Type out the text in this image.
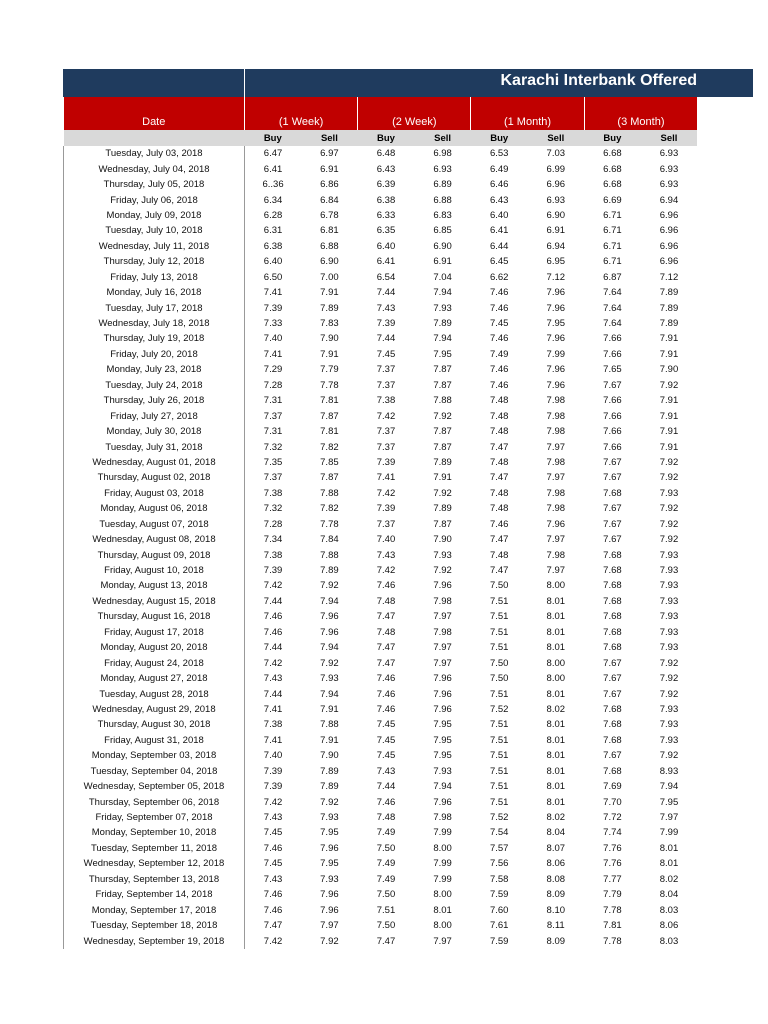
Karachi Interbank Offered
Date	(1 Week)		(2 Week)		(1 Month)		(3 Month)	
	Buy	Sell	Buy	Sell	Buy	Sell	Buy	Sell
Tuesday, July 03, 2018	6.47	6.97	6.48	6.98	6.53	7.03	6.68	6.93
Wednesday, July 04, 2018	6.41	6.91	6.43	6.93	6.49	6.99	6.68	6.93
Thursday, July 05, 2018	6..36	6.86	6.39	6.89	6.46	6.96	6.68	6.93
Friday, July 06, 2018	6.34	6.84	6.38	6.88	6.43	6.93	6.69	6.94
Monday, July 09, 2018	6.28	6.78	6.33	6.83	6.40	6.90	6.71	6.96
Tuesday, July 10, 2018	6.31	6.81	6.35	6.85	6.41	6.91	6.71	6.96
Wednesday, July 11, 2018	6.38	6.88	6.40	6.90	6.44	6.94	6.71	6.96
Thursday, July 12, 2018	6.40	6.90	6.41	6.91	6.45	6.95	6.71	6.96
Friday, July 13, 2018	6.50	7.00	6.54	7.04	6.62	7.12	6.87	7.12
Monday, July 16, 2018	7.41	7.91	7.44	7.94	7.46	7.96	7.64	7.89
Tuesday, July 17, 2018	7.39	7.89	7.43	7.93	7.46	7.96	7.64	7.89
Wednesday, July 18, 2018	7.33	7.83	7.39	7.89	7.45	7.95	7.64	7.89
Thursday, July 19, 2018	7.40	7.90	7.44	7.94	7.46	7.96	7.66	7.91
Friday, July 20, 2018	7.41	7.91	7.45	7.95	7.49	7.99	7.66	7.91
Monday, July 23, 2018	7.29	7.79	7.37	7.87	7.46	7.96	7.65	7.90
Tuesday, July 24, 2018	7.28	7.78	7.37	7.87	7.46	7.96	7.67	7.92
Thursday, July 26, 2018	7.31	7.81	7.38	7.88	7.48	7.98	7.66	7.91
Friday, July 27, 2018	7.37	7.87	7.42	7.92	7.48	7.98	7.66	7.91
Monday, July 30, 2018	7.31	7.81	7.37	7.87	7.48	7.98	7.66	7.91
Tuesday, July 31, 2018	7.32	7.82	7.37	7.87	7.47	7.97	7.66	7.91
Wednesday, August 01, 2018	7.35	7.85	7.39	7.89	7.48	7.98	7.67	7.92
Thursday, August 02, 2018	7.37	7.87	7.41	7.91	7.47	7.97	7.67	7.92
Friday, August 03, 2018	7.38	7.88	7.42	7.92	7.48	7.98	7.68	7.93
Monday, August 06, 2018	7.32	7.82	7.39	7.89	7.48	7.98	7.67	7.92
Tuesday, August 07, 2018	7.28	7.78	7.37	7.87	7.46	7.96	7.67	7.92
Wednesday, August 08, 2018	7.34	7.84	7.40	7.90	7.47	7.97	7.67	7.92
Thursday, August 09, 2018	7.38	7.88	7.43	7.93	7.48	7.98	7.68	7.93
Friday, August 10, 2018	7.39	7.89	7.42	7.92	7.47	7.97	7.68	7.93
Monday, August 13, 2018	7.42	7.92	7.46	7.96	7.50	8.00	7.68	7.93
Wednesday, August 15, 2018	7.44	7.94	7.48	7.98	7.51	8.01	7.68	7.93
Thursday, August 16, 2018	7.46	7.96	7.47	7.97	7.51	8.01	7.68	7.93
Friday, August 17, 2018	7.46	7.96	7.48	7.98	7.51	8.01	7.68	7.93
Monday, August 20, 2018	7.44	7.94	7.47	7.97	7.51	8.01	7.68	7.93
Friday, August 24, 2018	7.42	7.92	7.47	7.97	7.50	8.00	7.67	7.92
Monday, August 27, 2018	7.43	7.93	7.46	7.96	7.50	8.00	7.67	7.92
Tuesday, August 28, 2018	7.44	7.94	7.46	7.96	7.51	8.01	7.67	7.92
Wednesday, August 29, 2018	7.41	7.91	7.46	7.96	7.52	8.02	7.68	7.93
Thursday, August 30, 2018	7.38	7.88	7.45	7.95	7.51	8.01	7.68	7.93
Friday, August 31, 2018	7.41	7.91	7.45	7.95	7.51	8.01	7.68	7.93
Monday, September 03, 2018	7.40	7.90	7.45	7.95	7.51	8.01	7.67	7.92
Tuesday, September 04, 2018	7.39	7.89	7.43	7.93	7.51	8.01	7.68	8.93
Wednesday, September 05, 2018	7.39	7.89	7.44	7.94	7.51	8.01	7.69	7.94
Thursday, September 06, 2018	7.42	7.92	7.46	7.96	7.51	8.01	7.70	7.95
Friday, September 07, 2018	7.43	7.93	7.48	7.98	7.52	8.02	7.72	7.97
Monday, September 10, 2018	7.45	7.95	7.49	7.99	7.54	8.04	7.74	7.99
Tuesday, September 11, 2018	7.46	7.96	7.50	8.00	7.57	8.07	7.76	8.01
Wednesday, September 12, 2018	7.45	7.95	7.49	7.99	7.56	8.06	7.76	8.01
Thursday, September 13, 2018	7.43	7.93	7.49	7.99	7.58	8.08	7.77	8.02
Friday, September 14, 2018	7.46	7.96	7.50	8.00	7.59	8.09	7.79	8.04
Monday, September 17, 2018	7.46	7.96	7.51	8.01	7.60	8.10	7.78	8.03
Tuesday, September 18, 2018	7.47	7.97	7.50	8.00	7.61	8.11	7.81	8.06
Wednesday, September 19, 2018	7.42	7.92	7.47	7.97	7.59	8.09	7.78	8.03
